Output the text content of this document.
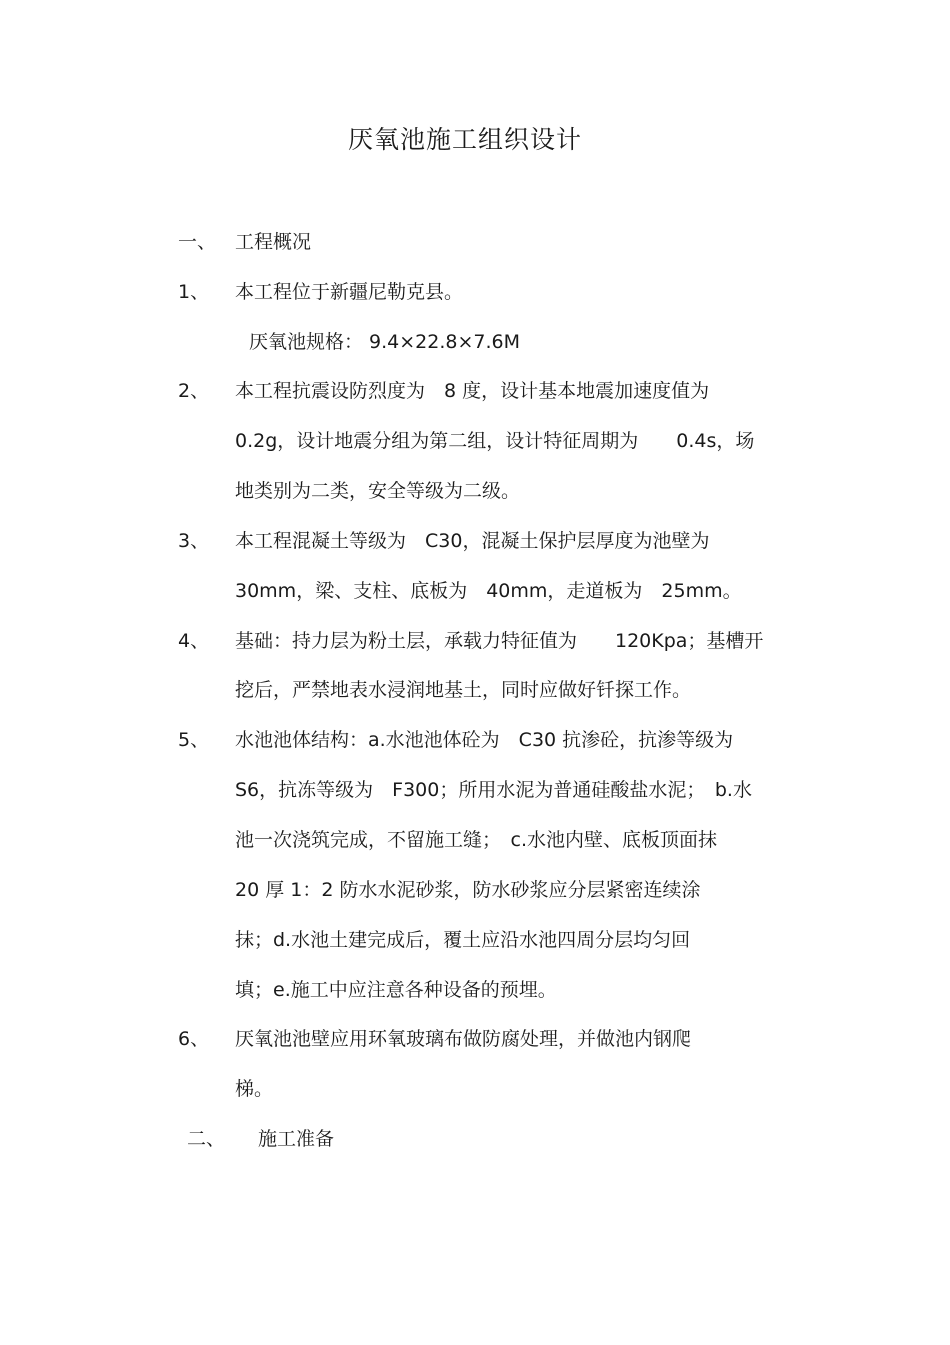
厌氧池施工组织设计
一、 工程概况
1、 本工程位于新疆尼勒克县。
厌氧池规格： 9.4×22.8×7.6M
2、 本工程抗震设防烈度为　8 度，设计基本地震加速度值为
0.2g，设计地震分组为第二组，设计特征周期为　　0.4s，场
地类别为二类，安全等级为二级。
3、 本工程混凝土等级为　C30，混凝土保护层厚度为池壁为
30mm，梁、支柱、底板为　40mm，走道板为　25mm。
4、 基础：持力层为粉土层，承载力特征值为　　120Kpa；基槽开
挖后，严禁地表水浸润地基土，同时应做好钎探工作。
5、 水池池体结构：a.水池池体砼为　C30 抗渗砼，抗渗等级为
S6，抗冻等级为　F300；所用水泥为普通硅酸盐水泥；　b.水
池一次浇筑完成，不留施工缝；　c.水池内壁、底板顶面抹
20 厚 1：2 防水水泥砂浆，防水砂浆应分层紧密连续涂
抹；d.水池土建完成后，覆土应沿水池四周分层均匀回
填；e.施工中应注意各种设备的预埋。
6、 厌氧池池壁应用环氧玻璃布做防腐处理，并做池内钢爬
梯。
二、 施工准备
